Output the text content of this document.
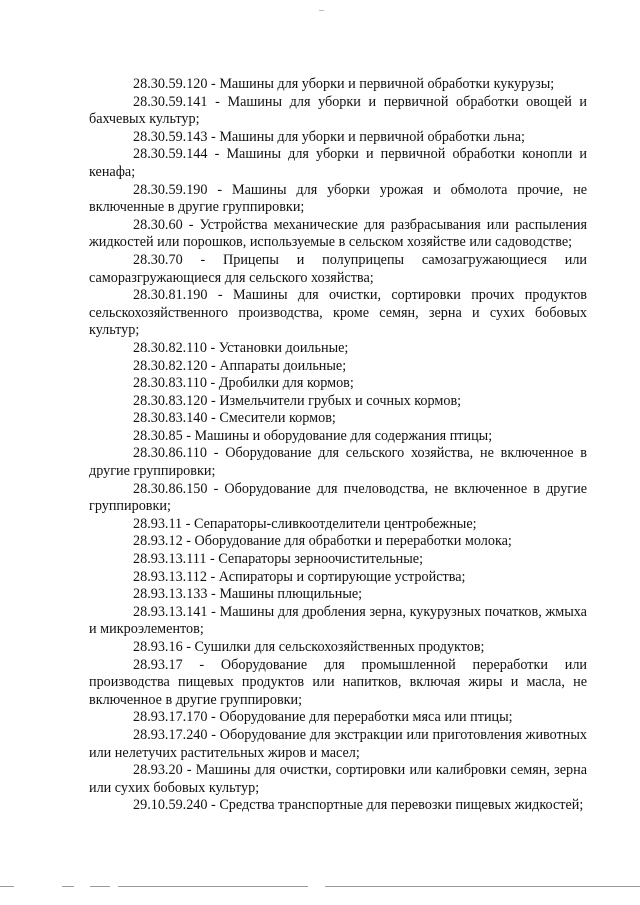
28.30.59.120 - Машины для уборки и первичной обработки кукурузы;

28.30.59.141 - Машины для уборки и первичной обработки овощей и бахчевых культур;

28.30.59.143 - Машины для уборки и первичной обработки льна;

28.30.59.144 - Машины для уборки и первичной обработки конопли и кенафа;

28.30.59.190 - Машины для уборки урожая и обмолота прочие, не включенные в другие группировки;

28.30.60 - Устройства механические для разбрасывания или распыления жидкостей или порошков, используемые в сельском хозяйстве или садоводстве;

28.30.70 - Прицепы и полуприцепы самозагружающиеся или саморазгружающиеся для сельского хозяйства;

28.30.81.190 - Машины для очистки, сортировки прочих продуктов сельскохозяйственного производства, кроме семян, зерна и сухих бобовых культур;

28.30.82.110 - Установки доильные;

28.30.82.120 - Аппараты доильные;

28.30.83.110 - Дробилки для кормов;

28.30.83.120 - Измельчители грубых и сочных кормов;

28.30.83.140 - Смесители кормов;

28.30.85 - Машины и оборудование для содержания птицы;

28.30.86.110 - Оборудование для сельского хозяйства, не включенное в другие группировки;

28.30.86.150 - Оборудование для пчеловодства, не включенное в другие группировки;

28.93.11 - Сепараторы-сливкоотделители центробежные;

28.93.12 - Оборудование для обработки и переработки молока;

28.93.13.111 - Сепараторы зерноочистительные;

28.93.13.112 - Аспираторы и сортирующие устройства;

28.93.13.133 - Машины плющильные;

28.93.13.141 - Машины для дробления зерна, кукурузных початков, жмыха и микроэлементов;

28.93.16 - Сушилки для сельскохозяйственных продуктов;

28.93.17 - Оборудование для промышленной переработки или производства пищевых продуктов или напитков, включая жиры и масла, не включенное в другие группировки;

28.93.17.170 - Оборудование для переработки мяса или птицы;

28.93.17.240 - Оборудование для экстракции или приготовления животных или нелетучих растительных жиров и масел;

28.93.20 - Машины для очистки, сортировки или калибровки семян, зерна или сухих бобовых культур;

29.10.59.240 - Средства транспортные для перевозки пищевых жидкостей;
